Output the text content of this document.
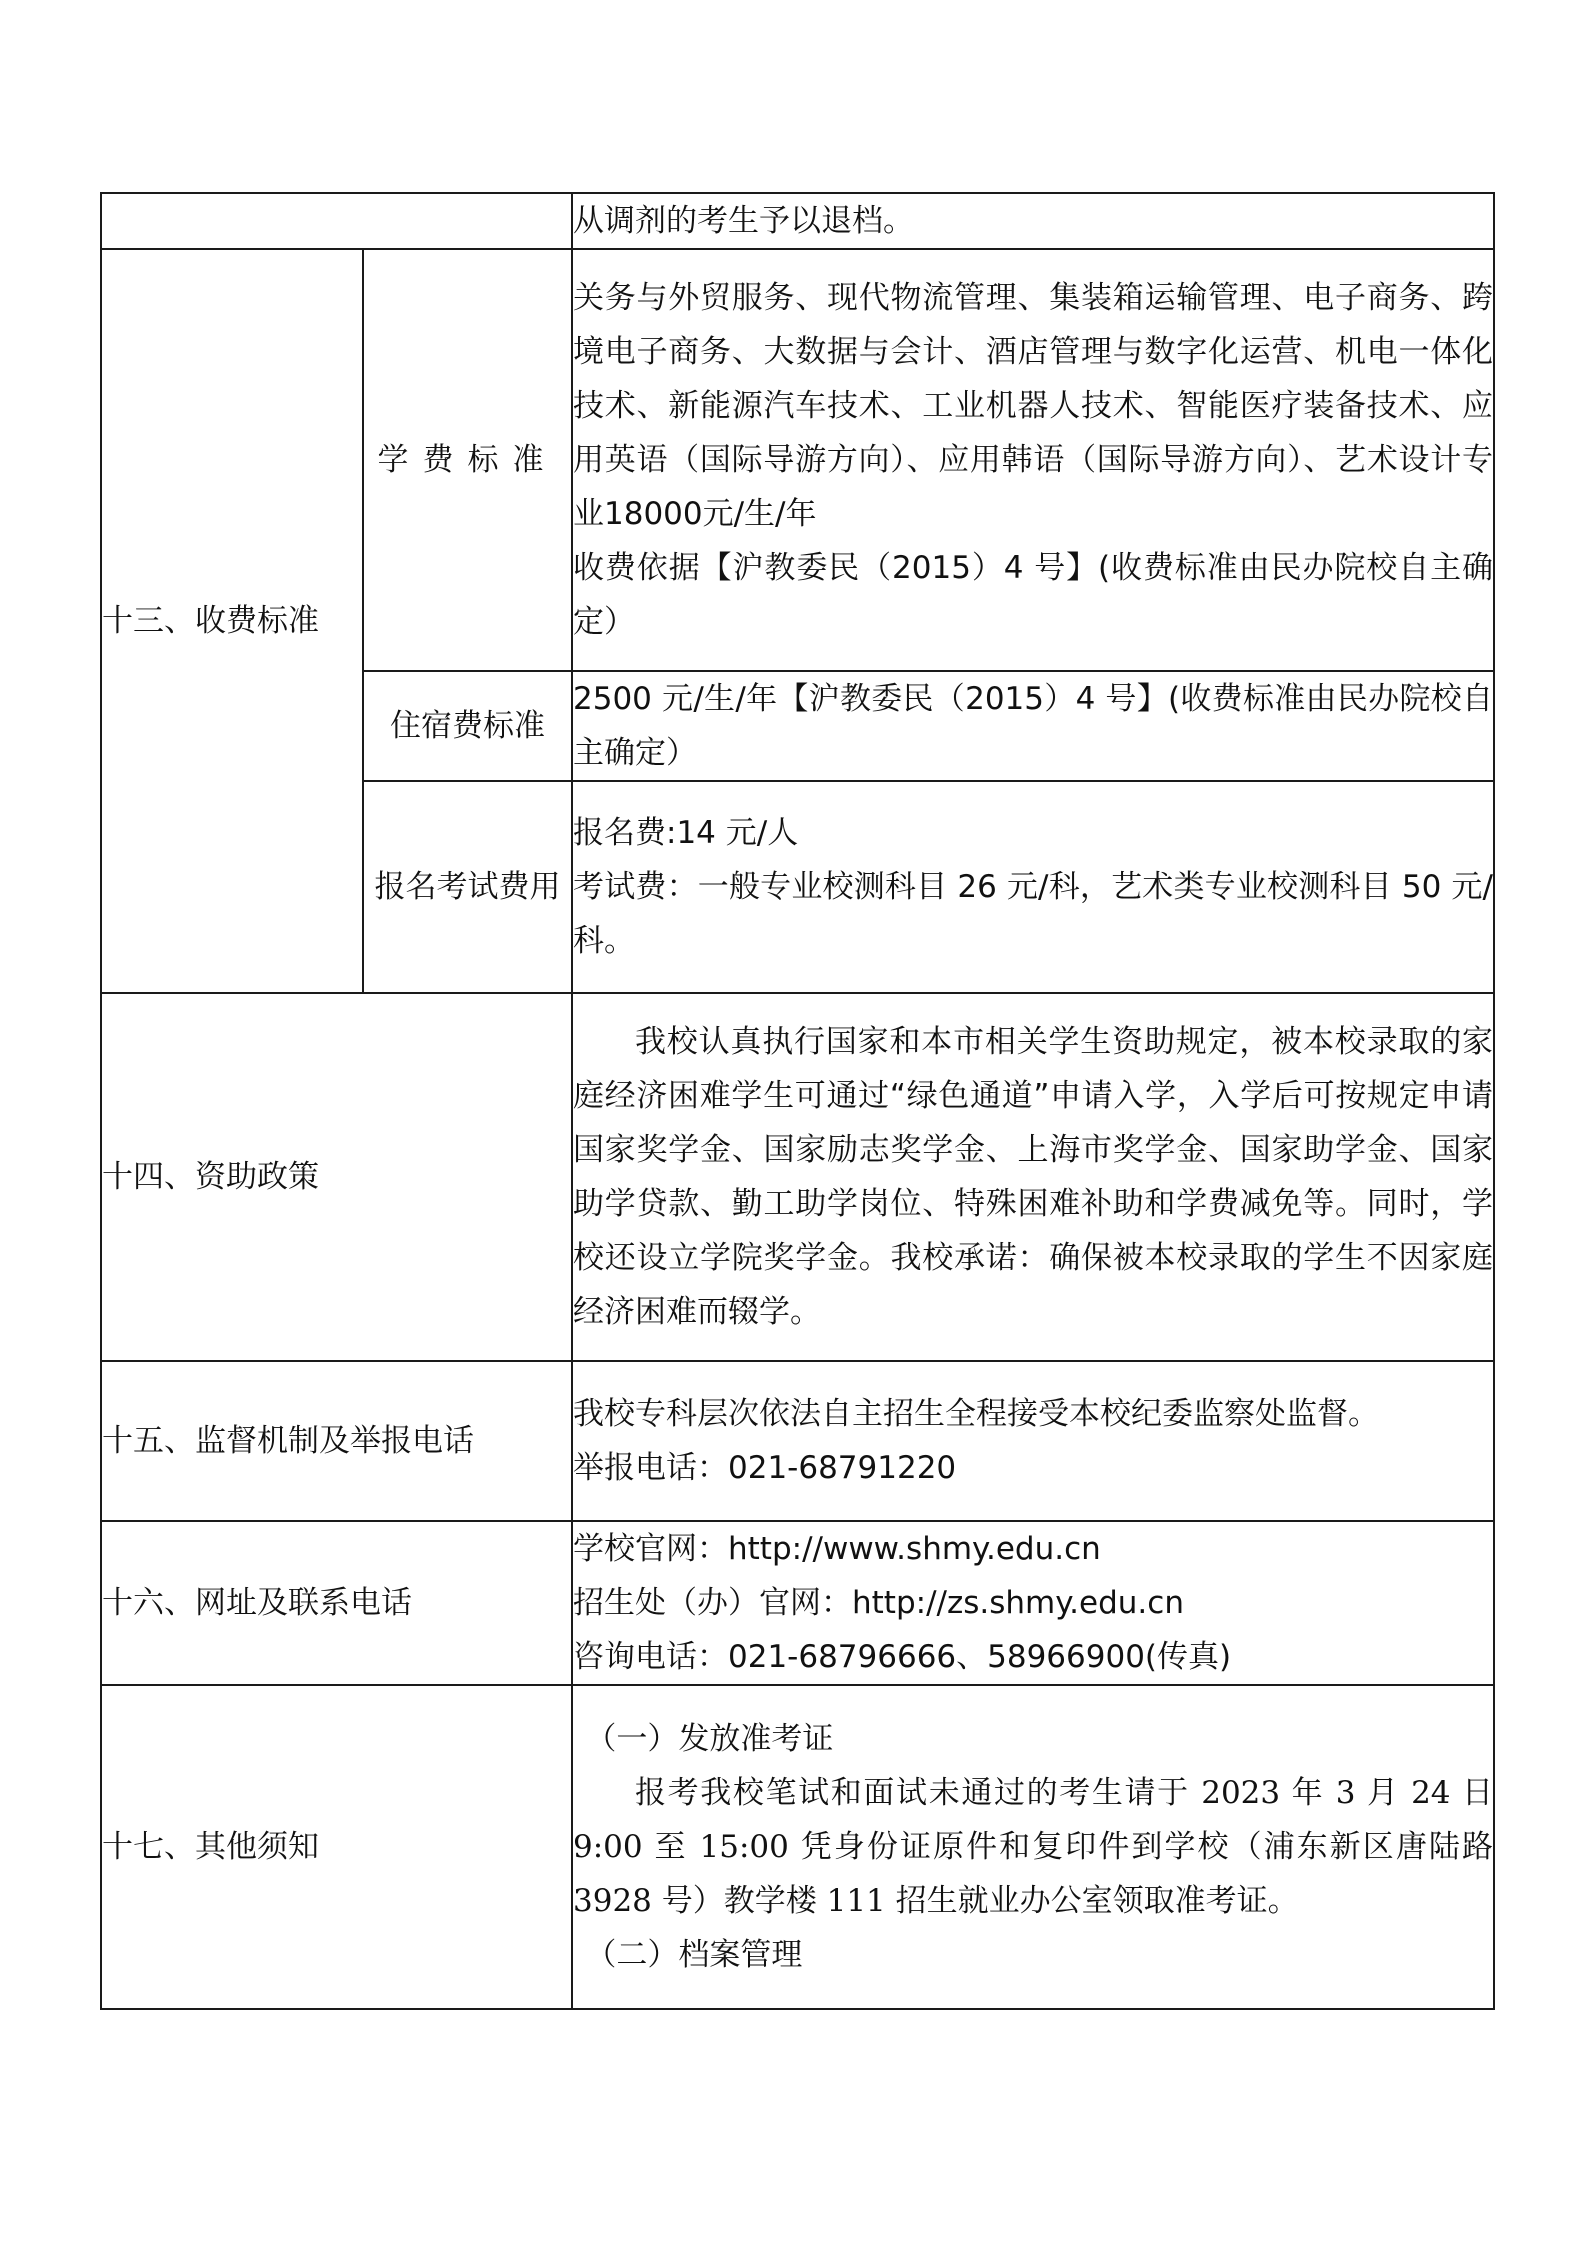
		从调剂的考生予以退档。

十三、收费标准	学费标准	关务与外贸服务、现代物流管理、集装箱运输管理、电子商务、跨境电子商务、大数据与会计、酒店管理与数字化运营、机电一体化技术、新能源汽车技术、工业机器人技术、智能医疗装备技术、应用英语（国际导游方向）、应用韩语（国际导游方向）、艺术设计专业18000元/生/年

收费依据【沪教委民（2015）4 号】(收费标准由民办院校自主确定）

	住宿费标准	2500 元/生/年【沪教委民（2015）4 号】(收费标准由民办院校自主确定）

	报名考试费用	报名费:14 元/人

考试费：一般专业校测科目 26 元/科，艺术类专业校测科目 50 元/科。

十四、资助政策		我校认真执行国家和本市相关学生资助规定，被本校录取的家庭经济困难学生可通过“绿色通道”申请入学，入学后可按规定申请国家奖学金、国家励志奖学金、上海市奖学金、国家助学金、国家助学贷款、勤工助学岗位、特殊困难补助和学费减免等。同时，学校还设立学院奖学金。我校承诺：确保被本校录取的学生不因家庭经济困难而辍学。

十五、监督机制及举报电话		我校专科层次依法自主招生全程接受本校纪委监察处监督。

举报电话：021-68791220

十六、网址及联系电话		学校官网：http://www.shmy.edu.cn

招生处（办）官网：http://zs.shmy.edu.cn

咨询电话：021-68796666、58966900(传真)

十七、其他须知		（一）发放准考证

报考我校笔试和面试未通过的考生请于 2023 年 3 月 24 日 9:00 至 15:00 凭身份证原件和复印件到学校（浦东新区唐陆路 3928 号）教学楼 111 招生就业办公室领取准考证。

（二）档案管理
